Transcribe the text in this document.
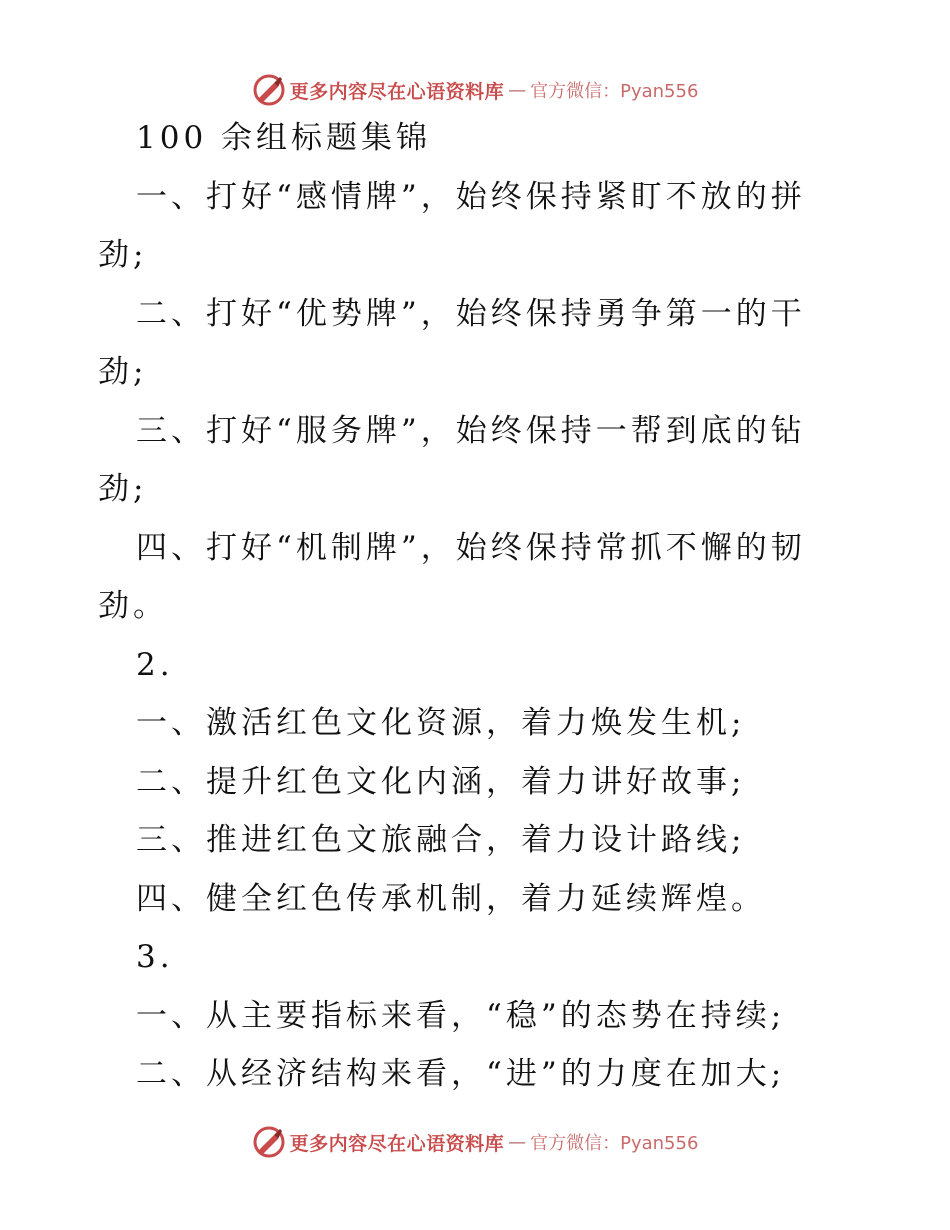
更多内容尽在心语资料库 — 官方微信：Pyan556
100 余组标题集锦
一、打好“感情牌”，始终保持紧盯不放的拼
劲;
二、打好“优势牌”，始终保持勇争第一的干
劲;
三、打好“服务牌”，始终保持一帮到底的钻
劲;
四、打好“机制牌”，始终保持常抓不懈的韧
劲。
2.
一、激活红色文化资源，着力焕发生机;
二、提升红色文化内涵，着力讲好故事;
三、推进红色文旅融合，着力设计路线;
四、健全红色传承机制，着力延续辉煌。
3.
一、从主要指标来看，“稳”的态势在持续;
二、从经济结构来看，“进”的力度在加大;
更多内容尽在心语资料库 — 官方微信：Pyan556
